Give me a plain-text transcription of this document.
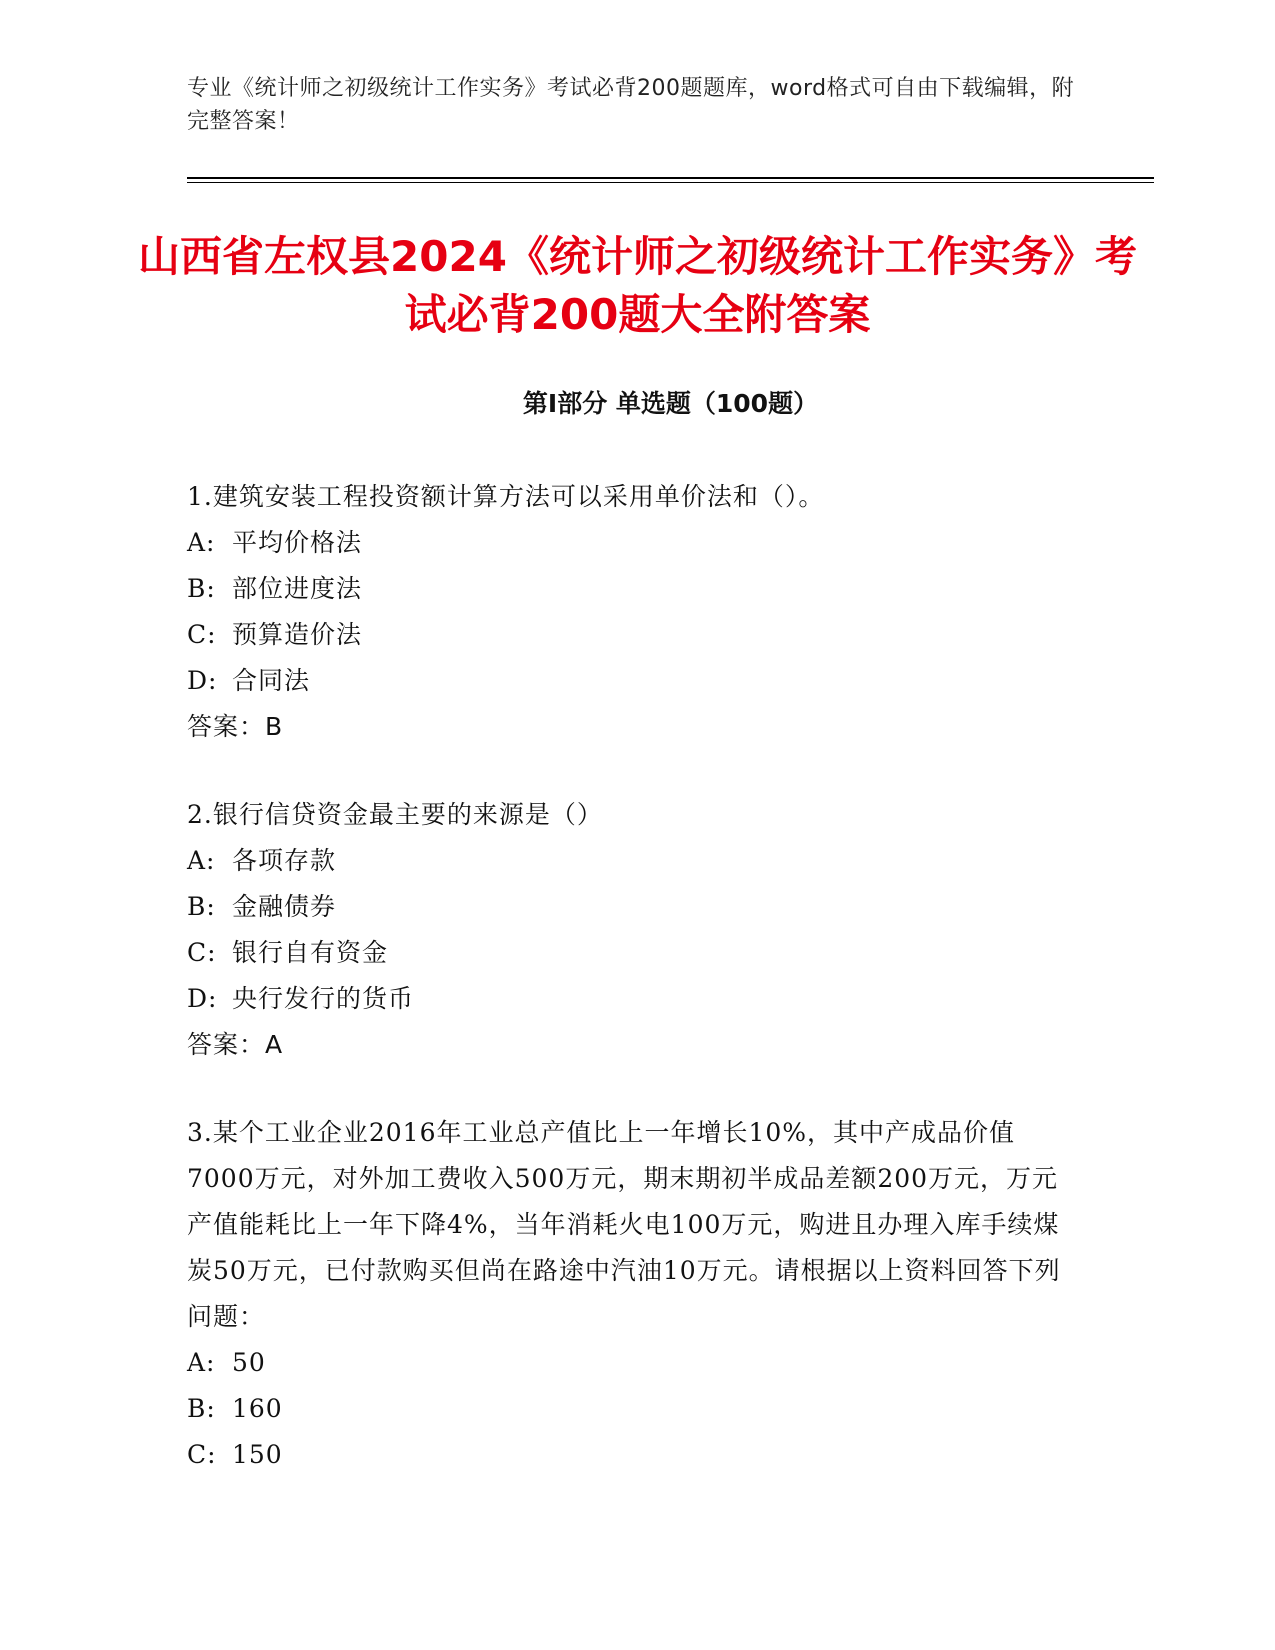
专业《统计师之初级统计工作实务》考试必背200题题库，word格式可自由下载编辑，附完整答案！
山西省左权县2024《统计师之初级统计工作实务》考试必背200题大全附答案
第Ⅰ部分 单选题（100题）
1.建筑安装工程投资额计算方法可以采用单价法和（）。
A: 平均价格法
B: 部位进度法
C: 预算造价法
D: 合同法
答案：B
2.银行信贷资金最主要的来源是（）
A: 各项存款
B: 金融债券
C: 银行自有资金
D: 央行发行的货币
答案：A
3.某个工业企业2016年工业总产值比上一年增长10%，其中产成品价值7000万元，对外加工费收入500万元，期末期初半成品差额200万元，万元产值能耗比上一年下降4%，当年消耗火电100万元，购进且办理入库手续煤炭50万元，已付款购买但尚在路途中汽油10万元。请根据以上资料回答下列问题：
A: 50
B: 160
C: 150
